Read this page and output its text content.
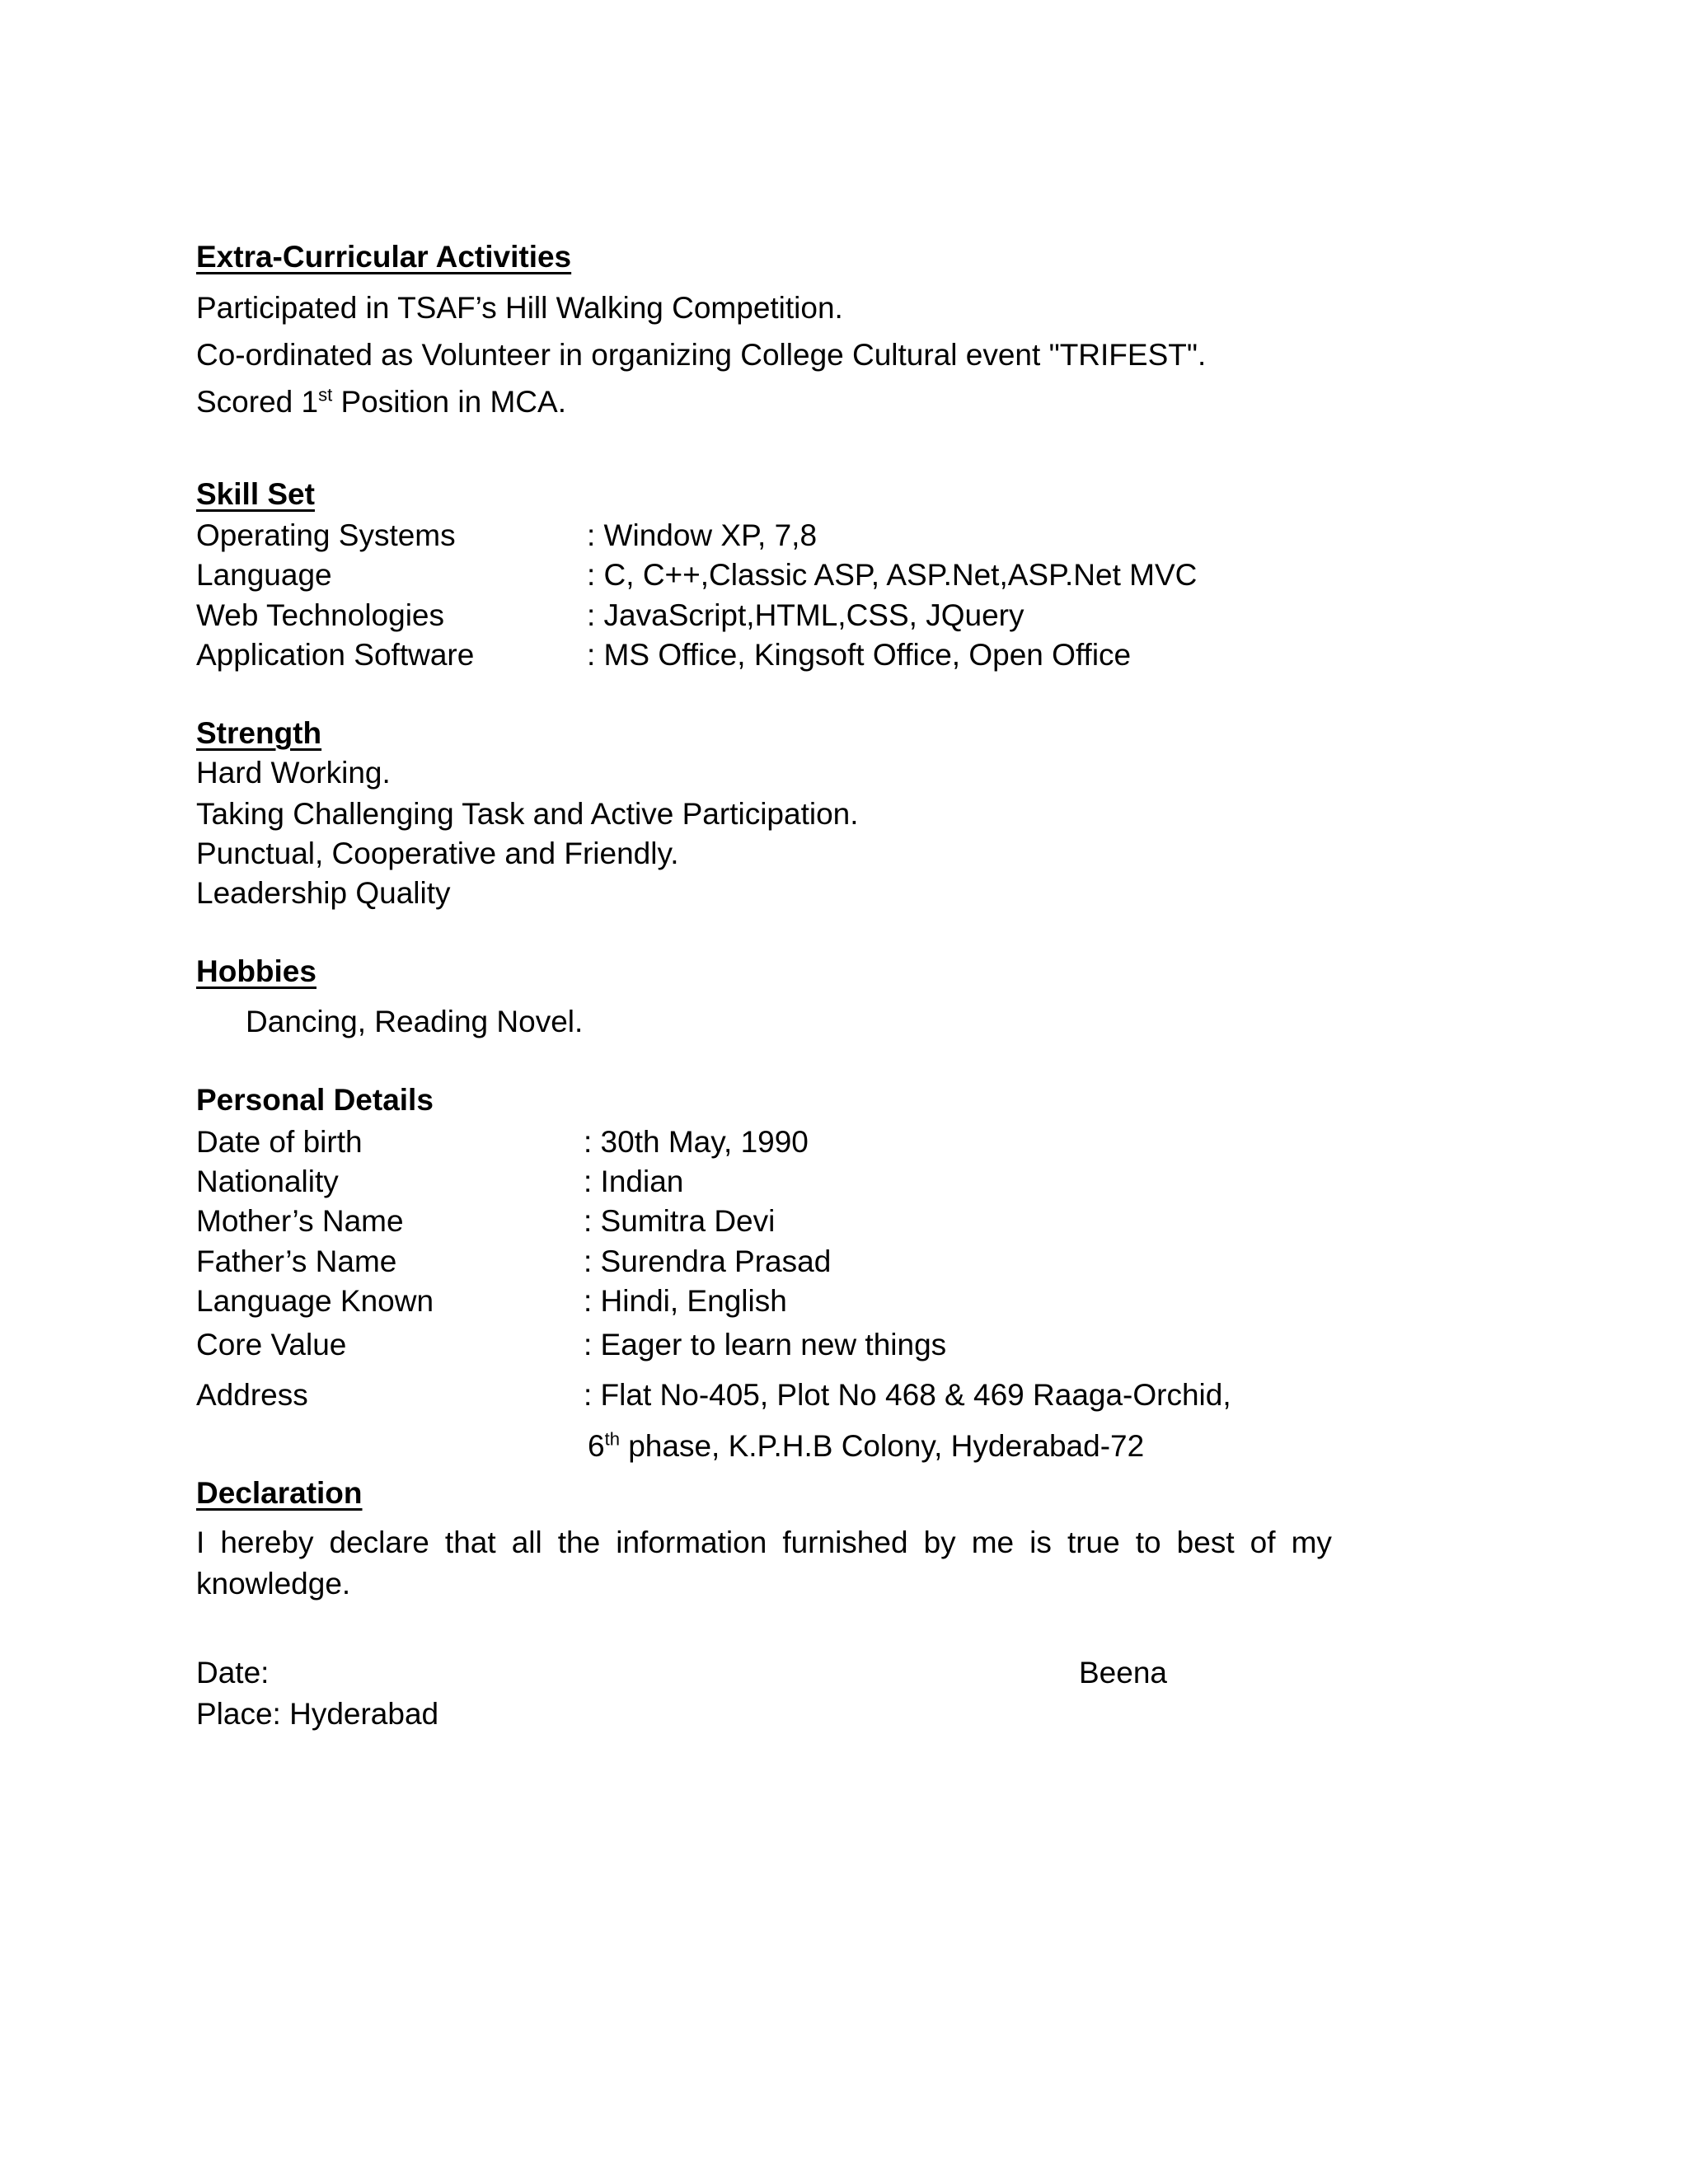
Extra-Curricular Activities

Participated in TSAF’s Hill Walking Competition.

Co-ordinated as Volunteer in organizing College Cultural event "TRIFEST".

Scored 1st Position in MCA.

Skill Set

Operating Systems	: Window XP, 7,8

Language	: C, C++,Classic ASP, ASP.Net,ASP.Net MVC

Web Technologies	: JavaScript,HTML,CSS, JQuery

Application Software	: MS Office, Kingsoft Office, Open Office

Strength

Hard Working.

Taking Challenging Task and Active Participation.

Punctual, Cooperative and Friendly.

Leadership Quality

Hobbies

Dancing, Reading Novel.

Personal Details

Date of birth	: 30th May, 1990

Nationality	: Indian

Mother’s Name	: Sumitra Devi

Father’s Name	: Surendra Prasad

Language Known	: Hindi, English

Core Value	: Eager to learn new things

Address	: Flat No-405, Plot No 468 & 469 Raaga-Orchid,

6th phase, K.P.H.B Colony, Hyderabad-72

Declaration

I hereby declare that all the information furnished by me is true to best of my
knowledge.

Date:	Beena

Place: Hyderabad
